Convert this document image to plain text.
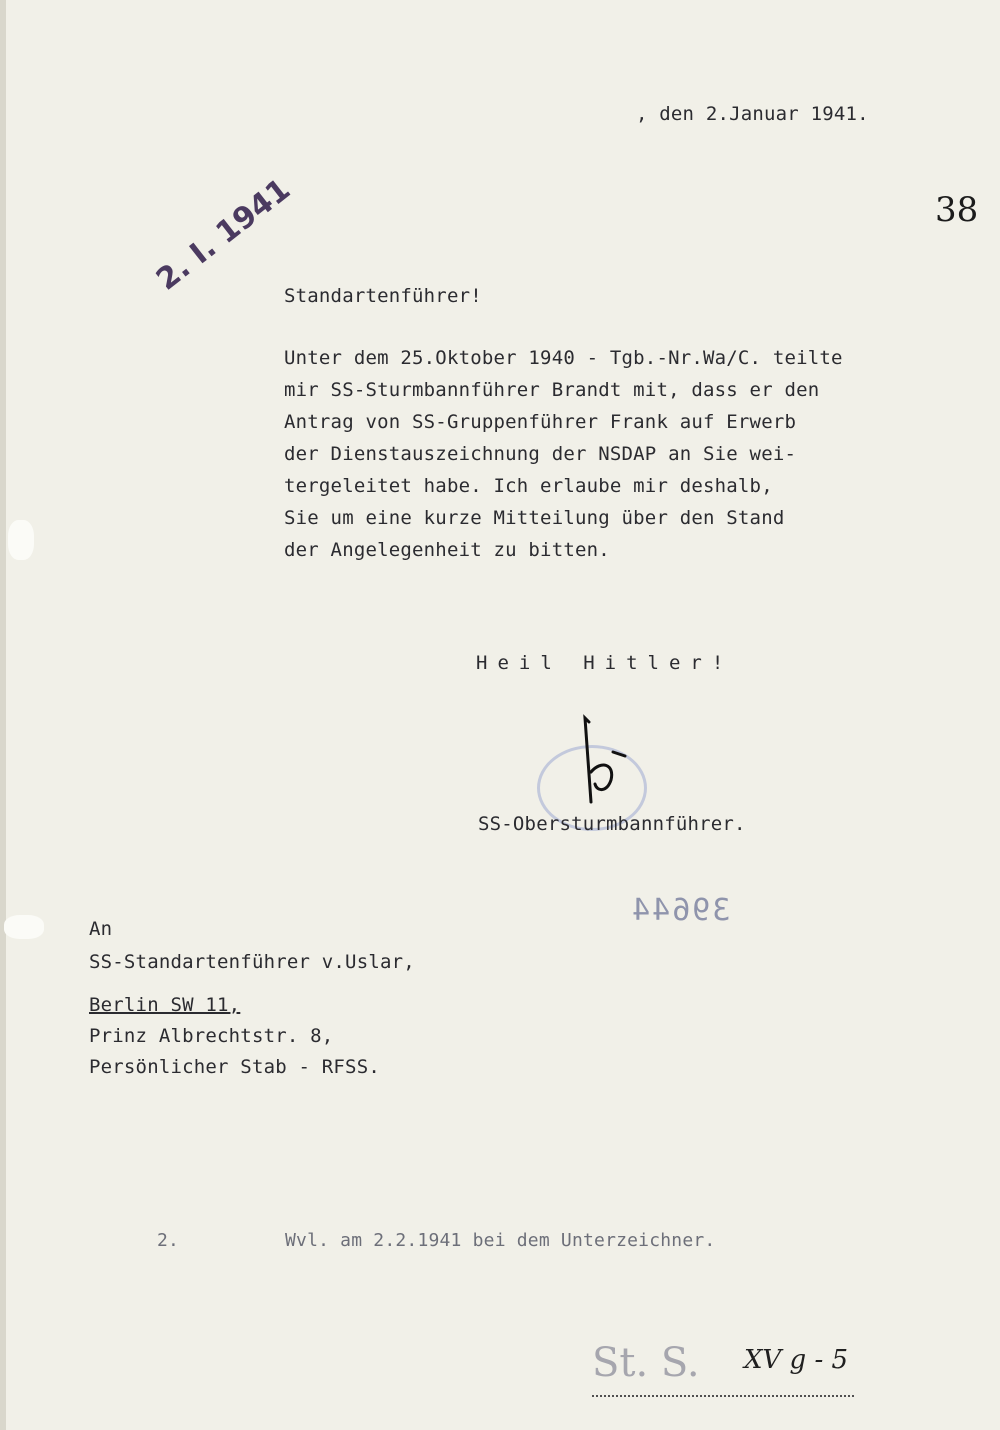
, den 2.Januar 1941.
38
2. I. 1941
Standartenführer!
Unter dem 25.Oktober 1940 - Tgb.-Nr.Wa/C. teilte
mir SS-Sturmbannführer Brandt mit, dass er den
Antrag von SS-Gruppenführer Frank auf Erwerb
der Dienstauszeichnung der NSDAP an Sie wei-
tergeleitet habe. Ich erlaube mir deshalb,
Sie um eine kurze Mitteilung über den Stand
der Angelegenheit zu bitten.
Heil Hitler!
SS-Obersturmbannführer.
39644
An
SS-Standartenführer v.Uslar,
Berlin SW 11,
Prinz Albrechtstr. 8,
Persönlicher Stab - RFSS.
2.	Wvl. am 2.2.1941 bei dem Unterzeichner.
St. S. XV g - 5
